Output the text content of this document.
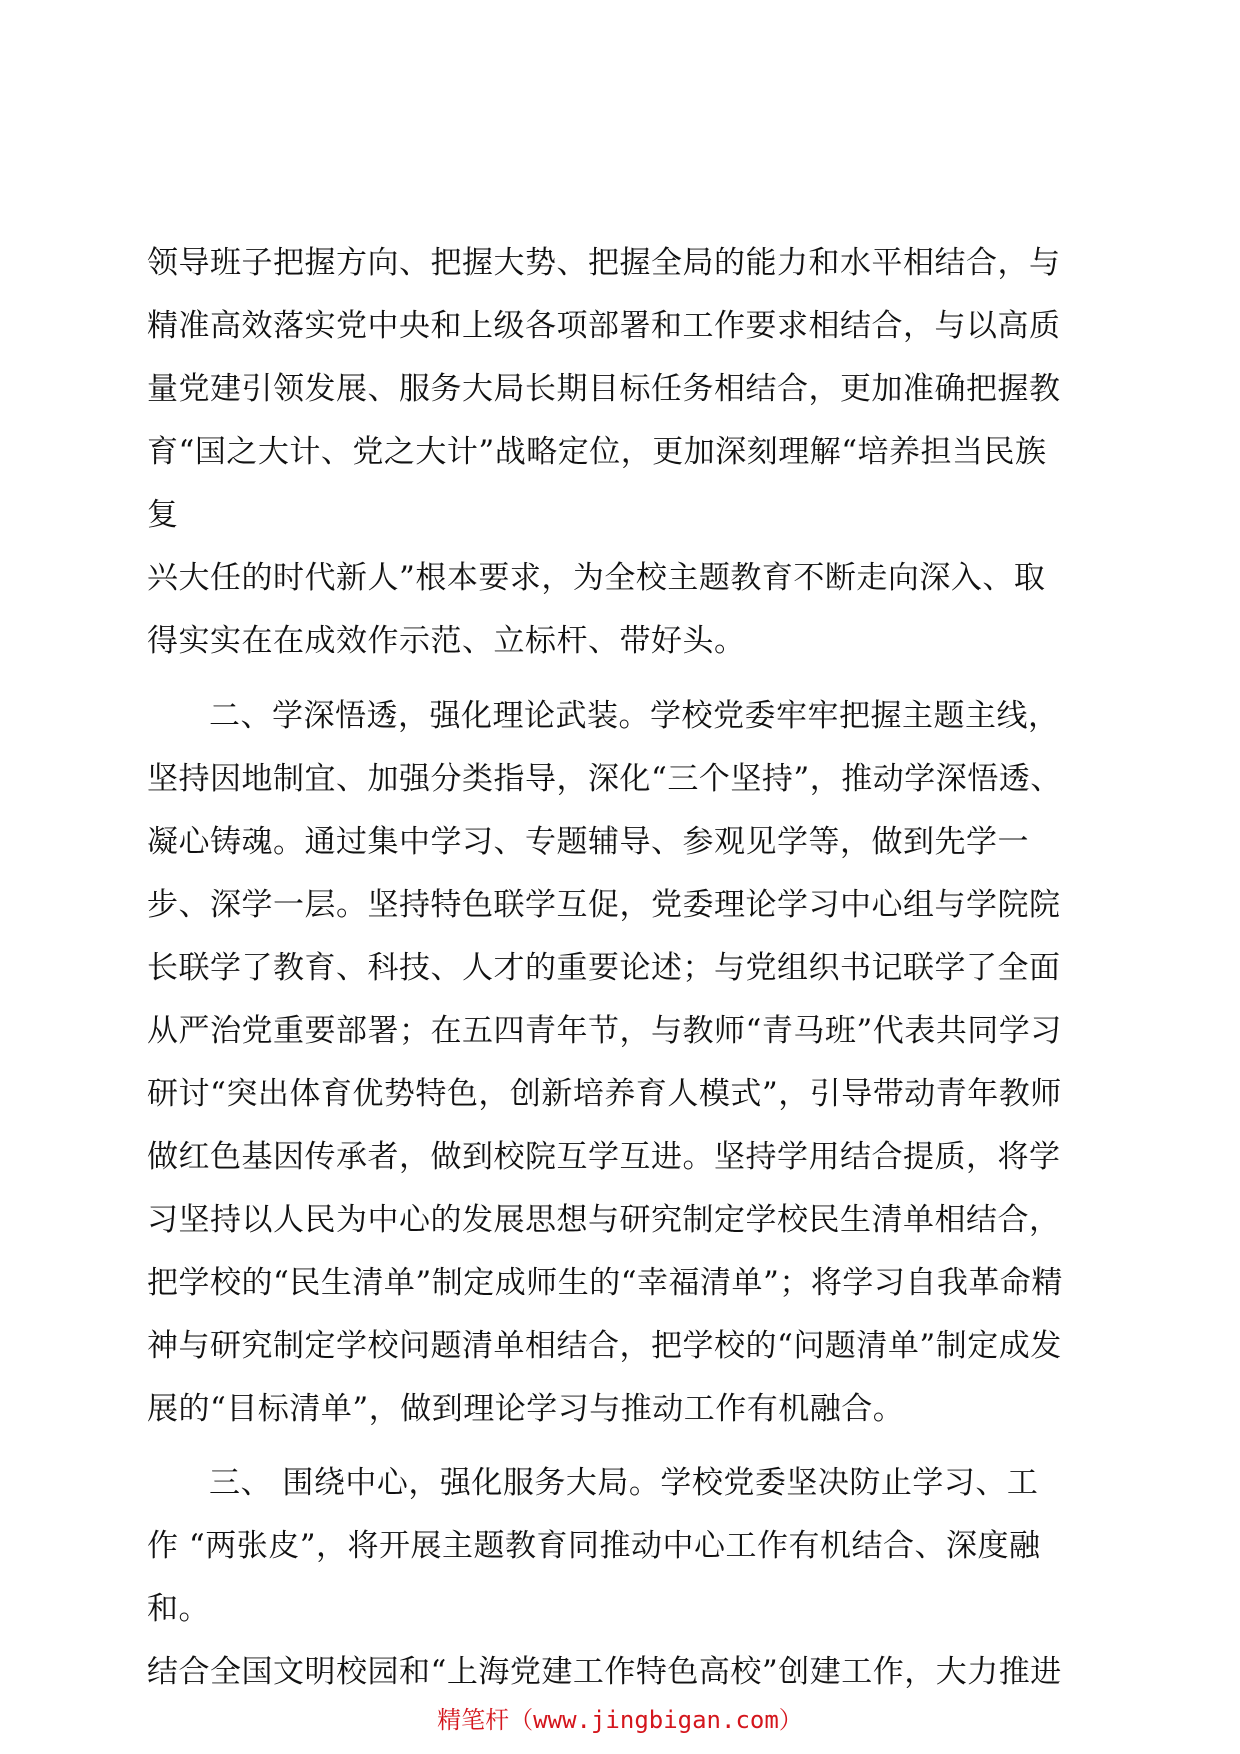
领导班子把握方向、把握大势、把握全局的能力和水平相结合，与
精准高效落实党中央和上级各项部署和工作要求相结合，与以高质
量党建引领发展、服务大局长期目标任务相结合，更加准确把握教
育“国之大计、党之大计”战略定位，更加深刻理解“培养担当民族
复
兴大任的时代新人”根本要求，为全校主题教育不断走向深入、取
得实实在在成效作示范、立标杆、带好头。
二、学深悟透，强化理论武装。学校党委牢牢把握主题主线，
坚持因地制宜、加强分类指导，深化“三个坚持”，推动学深悟透、
凝心铸魂。通过集中学习、专题辅导、参观见学等，做到先学一
步、深学一层。坚持特色联学互促，党委理论学习中心组与学院院
长联学了教育、科技、人才的重要论述；与党组织书记联学了全面
从严治党重要部署；在五四青年节，与教师“青马班”代表共同学习
研讨“突出体育优势特色，创新培养育人模式”，引导带动青年教师
做红色基因传承者，做到校院互学互进。坚持学用结合提质，将学
习坚持以人民为中心的发展思想与研究制定学校民生清单相结合，
把学校的“民生清单”制定成师生的“幸福清单”；将学习自我革命精
神与研究制定学校问题清单相结合，把学校的“问题清单”制定成发
展的“目标清单”，做到理论学习与推动工作有机融合。
三、 围绕中心，强化服务大局。学校党委坚决防止学习、工
作 “两张皮”，将开展主题教育同推动中心工作有机结合、深度融
和。
结合全国文明校园和“上海党建工作特色高校”创建工作，大力推进
精笔杆（www.jingbigan.com）
